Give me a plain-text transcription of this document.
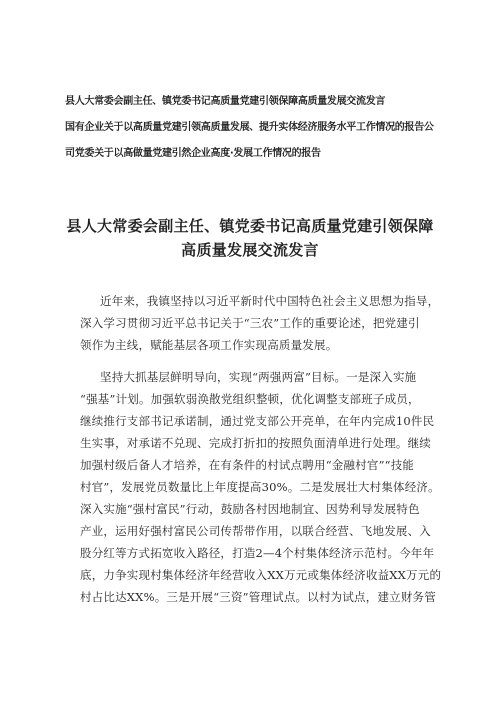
县人大常委会副主任、镇党委书记高质量党建引领保障高质量发展交流发言
国有企业关于以高质量党建引领高质量发展、提升实体经济服务水平工作情况的报告公
司党委关于以高做量党建引然企业高度·发展工作情况的报告
县人大常委会副主任、镇党委书记高质量党建引领保障
高质量发展交流发言
近年来，我镇坚持以习近平新时代中国特色社会主义思想为指导，
深入学习贯彻习近平总书记关于“三农”工作的重要论述，把党建引
领作为主线，赋能基层各项工作实现高质量发展。
坚持大抓基层鲜明导向，实现“两强两富”目标。一是深入实施
“强基”计划。加强软弱涣散党组织整顿，优化调整支部班子成员，
继续推行支部书记承诺制，通过党支部公开亮单，在年内完成10件民
生实事，对承诺不兑现、完成打折扣的按照负面清单进行处理。继续
加强村级后备人才培养，在有条件的村试点聘用“金融村官”“技能
村官”，发展党员数量比上年度提高30%。二是发展壮大村集体经济。
深入实施“强村富民”行动，鼓励各村因地制宜、因势利导发展特色
产业，运用好强村富民公司传帮带作用，以联合经营、飞地发展、入
股分红等方式拓宽收入路径，打造2—4个村集体经济示范村。今年年
底，力争实现村集体经济年经营收入XX万元或集体经济收益XX万元的
村占比达XX%。三是开展“三资”管理试点。以村为试点，建立财务管
